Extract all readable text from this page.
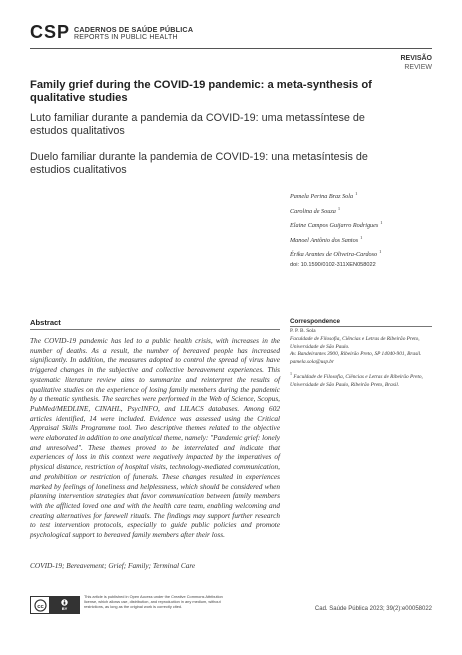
CSP CADERNOS DE SAÚDE PÚBLICA
REPORTS IN PUBLIC HEALTH
REVISÃO
REVIEW
Family grief during the COVID-19 pandemic: a meta-synthesis of qualitative studies
Luto familiar durante a pandemia da COVID-19: uma metassíntese de estudos qualitativos
Duelo familiar durante la pandemia de COVID-19: una metasíntesis de estudios cualitativos
Pamela Perina Braz Sola $^1$
Carolina de Souza $^1$
Elaine Campos Guijarro Rodrigues $^1$
Manoel Antônio dos Santos $^1$
Érika Arantes de Oliveira-Cardoso $^1$
doi: 10.1590/0102-311XEN058022
Abstract
The COVID-19 pandemic has led to a public health crisis, with increases in the number of deaths. As a result, the number of bereaved people has increased significantly. In addition, the measures adopted to control the spread of virus have triggered changes in the subjective and collective bereavement experiences. This systematic literature review aims to summarize and reinterpret the results of qualitative studies on the experience of losing family members during the pandemic by a thematic synthesis. The searches were performed in the Web of Science, Scopus, PubMed/MEDLINE, CINAHL, PsycINFO, and LILACS databases. Among 602 articles identified, 14 were included. Evidence was assessed using the Critical Appraisal Skills Programme tool. Two descriptive themes related to the objective were elaborated in addition to one analytical theme, namely: "Pandemic grief: lonely and unresolved". These themes proved to be interrelated and indicate that experiences of loss in this context were negatively impacted by the imperatives of physical distance, restriction of hospital visits, technology-mediated communication, and prohibition or restriction of funerals. These changes resulted in experiences marked by feelings of loneliness and helplessness, which should be considered when planning intervention strategies that favor communication between family members with the afflicted loved one and with the health care team, enabling welcoming and creating alternatives for farewell rituals. The findings may support further research to test intervention protocols, especially to guide public policies and promote psychological support to bereaved family members after their loss.
COVID-19; Bereavement; Grief; Family; Terminal Care
Correspondence
P. P. B. Sola
Faculdade de Filosofia, Ciências e Letras de Ribeirão Preto, Universidade de São Paulo.
Av. Bandeirantes 3900, Ribeirão Preto, SP 14040-901, Brasil.
pamela.sola@usp.br
$^1$ Faculdade de Filosofia, Ciências e Letras de Ribeirão Preto, Universidade de São Paulo, Ribeirão Preto, Brasil.
cc	BY
This article is published in Open Access under the Creative Commons Attribution license, which allows use, distribution, and reproduction in any medium, without restrictions, as long as the original work is correctly cited.	Cad. Saúde Pública 2023; 39(2):e00058022
